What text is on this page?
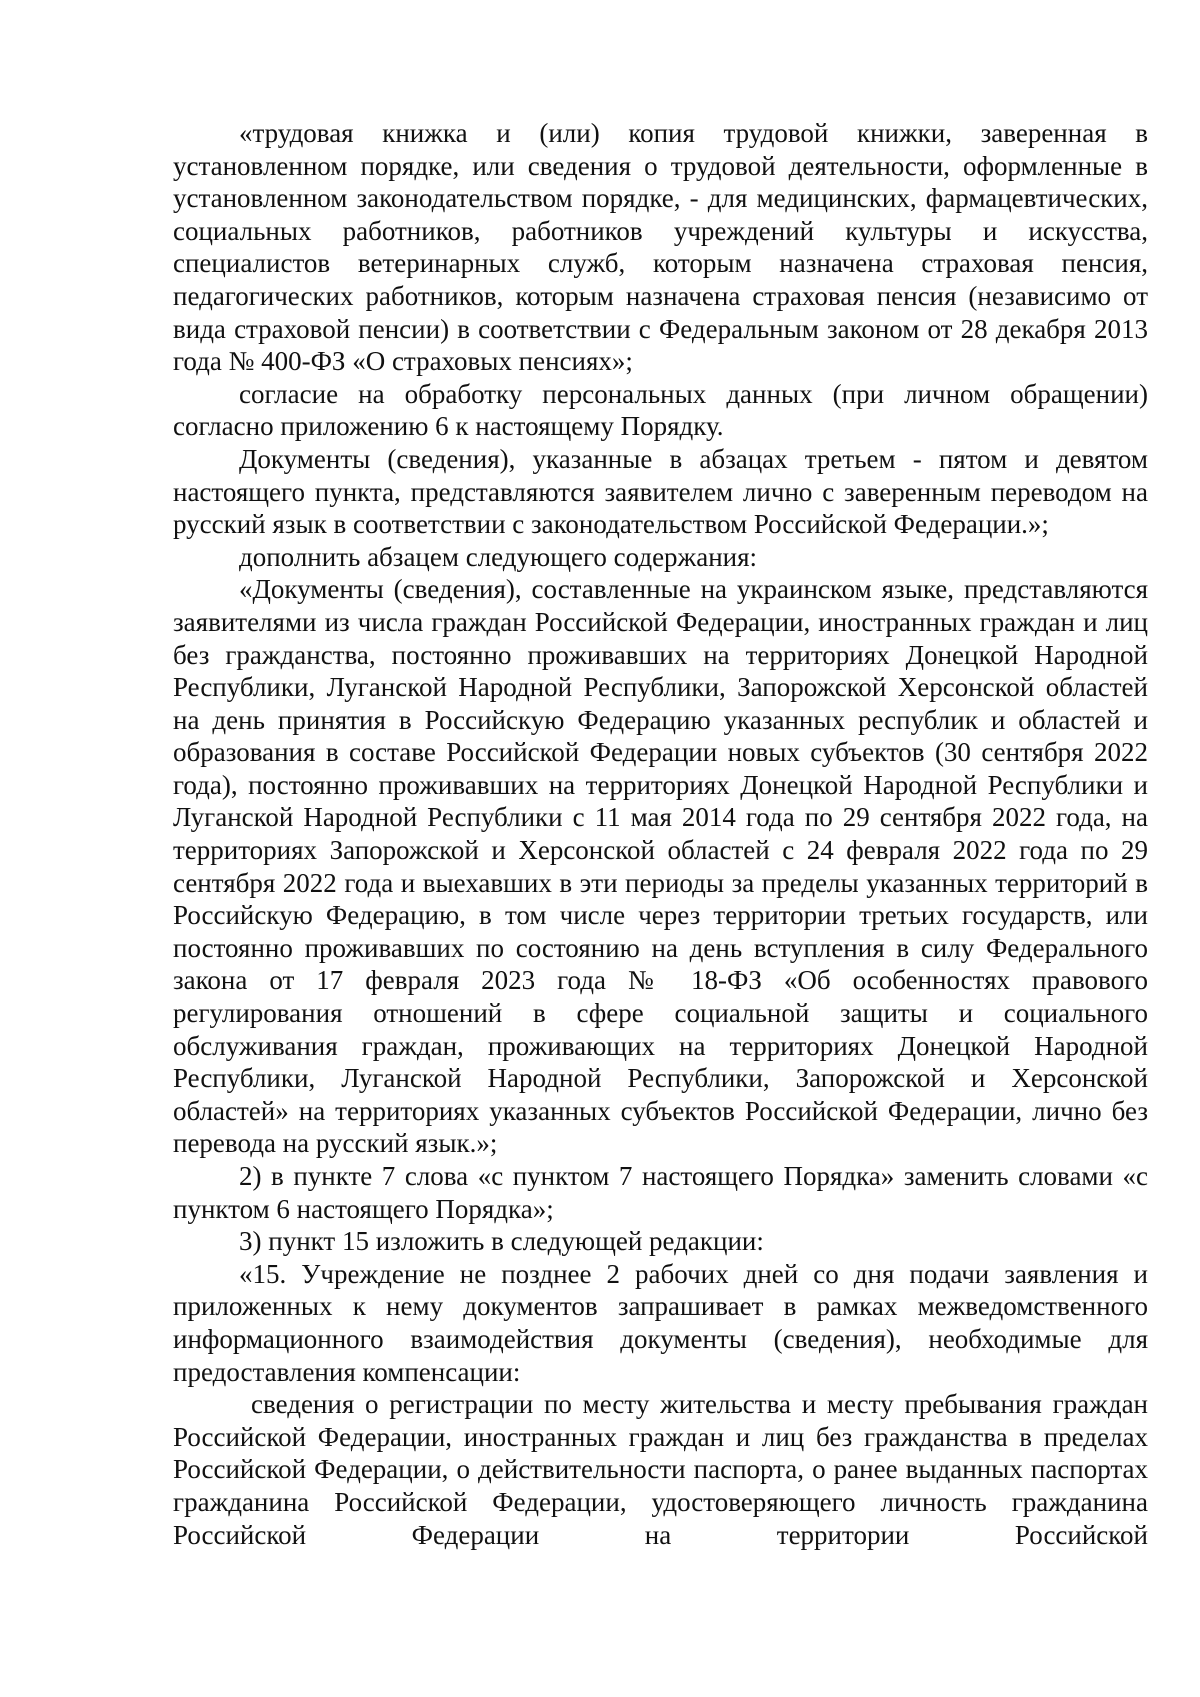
«трудовая книжка и (или) копия трудовой книжки, заверенная в установленном порядке, или сведения о трудовой деятельности, оформленные в установленном законодательством порядке, - для медицинских, фармацевтических, социальных работников, работников учреждений культуры и искусства, специалистов ветеринарных служб, которым назначена страховая пенсия, педагогических работников, которым назначена страховая пенсия (независимо от вида страховой пенсии) в соответствии с Федеральным законом от 28 декабря 2013 года № 400-ФЗ «О страховых пенсиях»;

согласие на обработку персональных данных (при личном обращении) согласно приложению 6 к настоящему Порядку.

Документы (сведения), указанные в абзацах третьем - пятом и девятом настоящего пункта, представляются заявителем лично с заверенным переводом на русский язык в соответствии с законодательством Российской Федерации.»;

дополнить абзацем следующего содержания:

«Документы (сведения), составленные на украинском языке, представляются заявителями из числа граждан Российской Федерации, иностранных граждан и лиц без гражданства, постоянно проживавших на территориях Донецкой Народной Республики, Луганской Народной Республики, Запорожской Херсонской областей на день принятия в Российскую Федерацию указанных республик и областей и образования в составе Российской Федерации новых субъектов (30 сентября 2022 года), постоянно проживавших на территориях Донецкой Народной Республики и Луганской Народной Республики с 11 мая 2014 года по 29 сентября 2022 года, на территориях Запорожской и Херсонской областей с 24 февраля 2022 года по 29 сентября 2022 года и выехавших в эти периоды за пределы указанных территорий в Российскую Федерацию, в том числе через территории третьих государств, или постоянно проживавших по состоянию на день вступления в силу Федерального закона от 17 февраля 2023 года № 18-ФЗ «Об особенностях правового регулирования отношений в сфере социальной защиты и социального обслуживания граждан, проживающих на территориях Донецкой Народной Республики, Луганской Народной Республики, Запорожской и Херсонской областей» на территориях указанных субъектов Российской Федерации, лично без перевода на русский язык.»;

2) в пункте 7 слова «с пунктом 7 настоящего Порядка» заменить словами «с пунктом 6 настоящего Порядка»;

3) пункт 15 изложить в следующей редакции:

«15. Учреждение не позднее 2 рабочих дней со дня подачи заявления и приложенных к нему документов запрашивает в рамках межведомственного информационного взаимодействия документы (сведения), необходимые для предоставления компенсации:

сведения о регистрации по месту жительства и месту пребывания граждан Российской Федерации, иностранных граждан и лиц без гражданства в пределах Российской Федерации, о действительности паспорта, о ранее выданных паспортах гражданина Российской Федерации, удостоверяющего личность гражданина Российской Федерации на территории Российской
